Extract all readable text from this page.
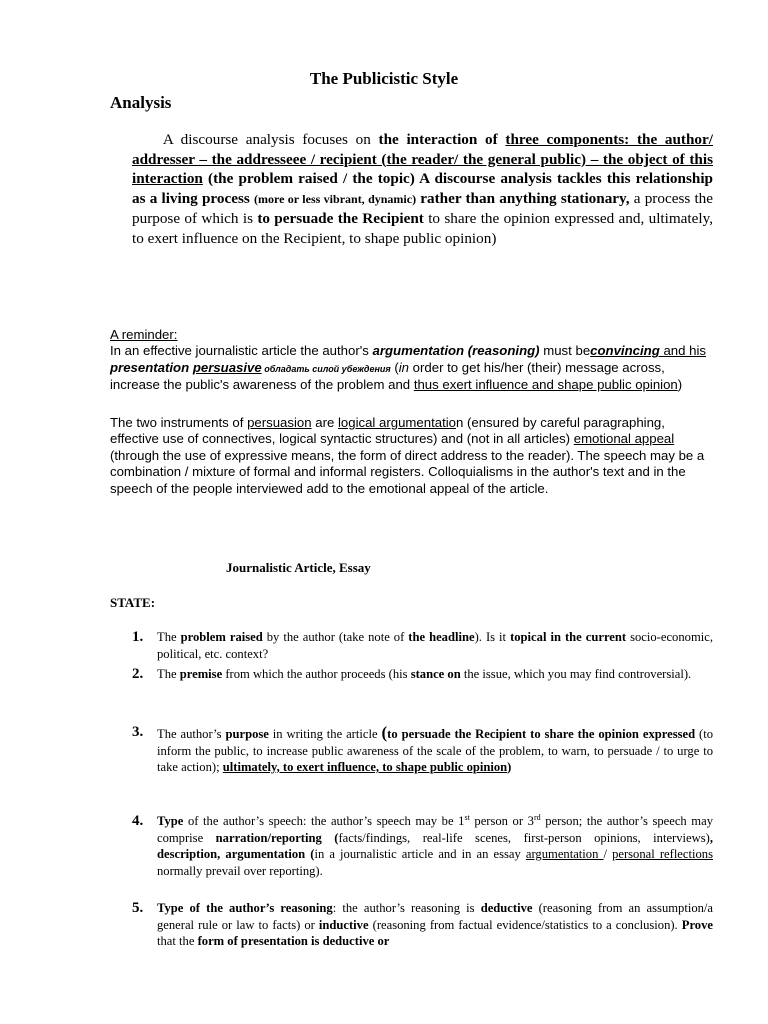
The Publicistic Style
Analysis
A discourse analysis focuses on the interaction of three components: the author/ addresser – the addresseee / recipient (the reader/ the general public) – the object of this interaction (the problem raised / the topic) A discourse analysis tackles this relationship as a living process (more or less vibrant, dynamic) rather than anything stationary, a process the purpose of which is to persuade the Recipient to share the opinion expressed and, ultimately, to exert influence on the Recipient, to shape public opinion)
A reminder:
In an effective journalistic article the author's argumentation (reasoning) must beconvincing and his presentation persuasive обладать силой убеждения (in order to get his/her (their) message across, increase the public's awareness of the problem and thus exert influence and shape public opinion)
The two instruments of persuasion are logical argumentation (ensured by careful paragraphing, effective use of connectives, logical syntactic structures) and (not in all articles) emotional appeal (through the use of expressive means, the form of direct address to the reader). The speech may be a combination / mixture of formal and informal registers. Colloquialisms in the author's text and in the speech of the people interviewed add to the emotional appeal of the article.
Journalistic Article, Essay
STATE:
1. The problem raised by the author (take note of the headline). Is it topical in the current socio-economic, political, etc. context?
2. The premise from which the author proceeds (his stance on the issue, which you may find controversial).
3. The author’s purpose in writing the article (to persuade the Recipient to share the opinion expressed (to inform the public, to increase public awareness of the scale of the problem, to warn, to persuade / to urge to take action); ultimately, to exert influence, to shape public opinion)
4. Type of the author’s speech: the author’s speech may be 1st person or 3rd person; the author’s speech may comprise narration/reporting (facts/findings, real-life scenes, first-person opinions, interviews), description, argumentation (in a journalistic article and in an essay argumentation / personal reflections normally prevail over reporting).
5. Type of the author’s reasoning: the author’s reasoning is deductive (reasoning from an assumption/a general rule or law to facts) or inductive (reasoning from factual evidence/statistics to a conclusion). Prove that the form of presentation is deductive or
